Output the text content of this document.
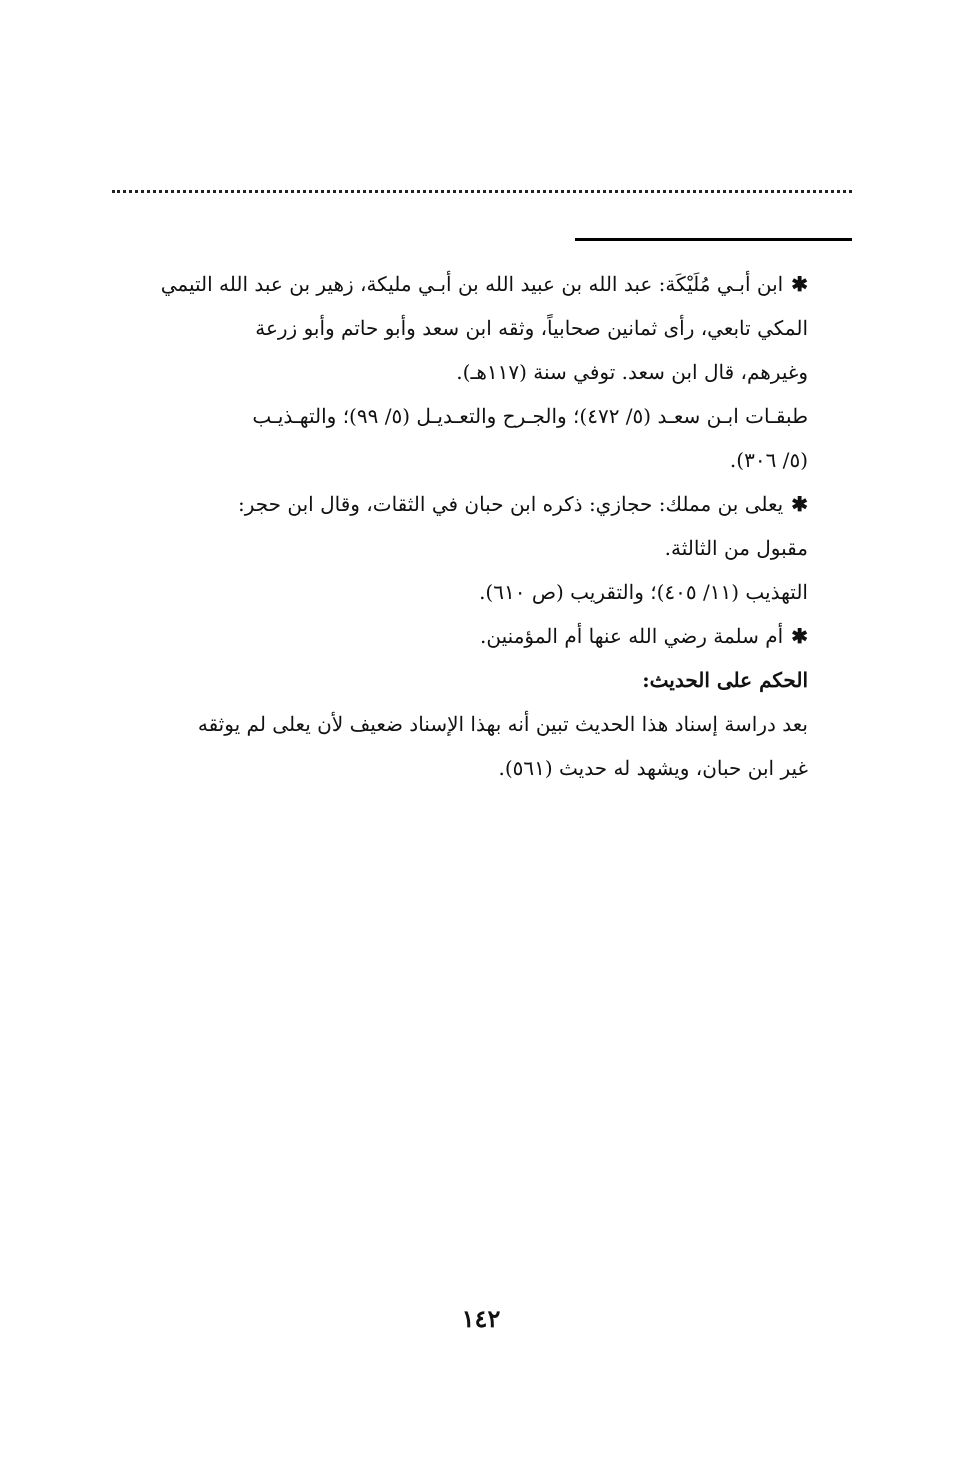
✱ابن أبـي مُلَيْكَة: عبد الله بن عبيد الله بن أبـي مليكة، زهير بن عبد الله التيمي
المكي تابعي، رأى ثمانين صحابياً، وثقه ابن سعد وأبو حاتم وأبو زرعة
وغيرهم، قال ابن سعد. توفي سنة (١١٧هـ).
طبقـات ابـن سعـد (٥/ ٤٧٢)؛ والجـرح والتعـديـل (٥/ ٩٩)؛ والتهـذيـب
(٥/ ٣٠٦).
✱يعلى بن مملك: حجازي: ذكره ابن حبان في الثقات، وقال ابن حجر:
مقبول من الثالثة.
التهذيب (١١/ ٤٠٥)؛ والتقريب (ص ٦١٠).
✱أم سلمة رضي الله عنها أم المؤمنين.
الحكم على الحديث:
بعد دراسة إسناد هذا الحديث تبين أنه بهذا الإسناد ضعيف لأن يعلى لم يوثقه
غير ابن حبان، ويشهد له حديث (٥٦١).
١٤٢
